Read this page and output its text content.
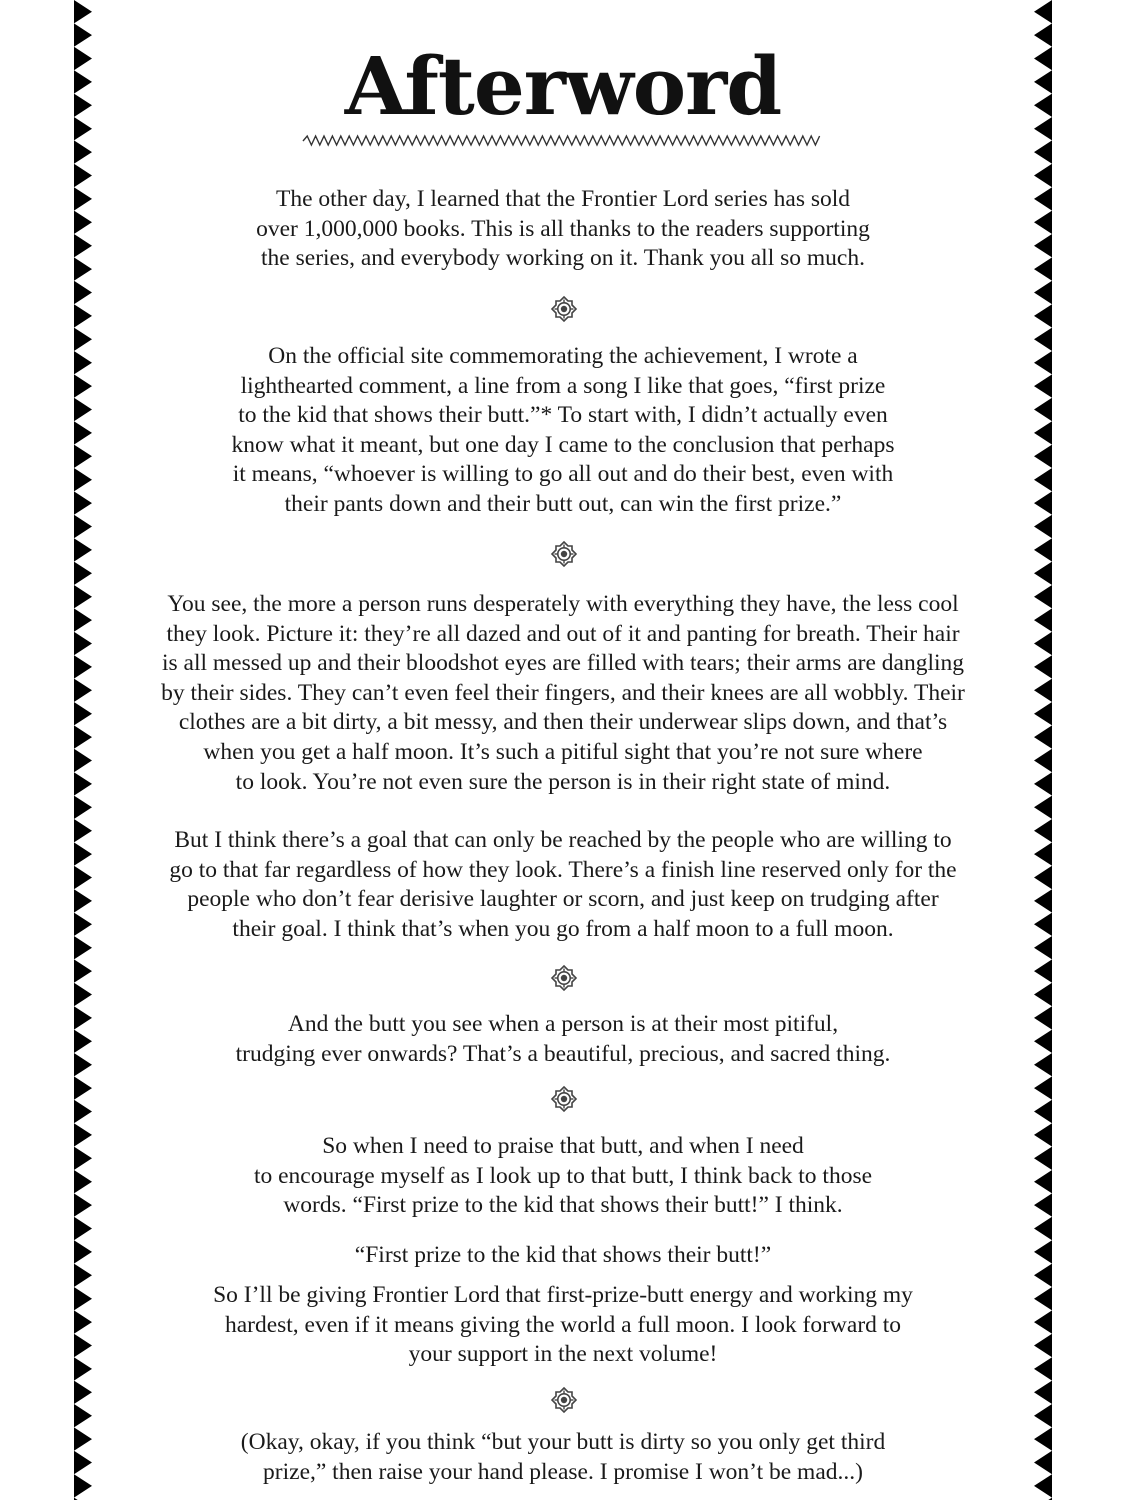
Afterword
The other day, I learned that the Frontier Lord series has sold
over 1,000,000 books. This is all thanks to the readers supporting
the series, and everybody working on it. Thank you all so much.
On the official site commemorating the achievement, I wrote a
lighthearted comment, a line from a song I like that goes, “first prize
to the kid that shows their butt.”* To start with, I didn’t actually even
know what it meant, but one day I came to the conclusion that perhaps
it means, “whoever is willing to go all out and do their best, even with
their pants down and their butt out, can win the first prize.”
You see, the more a person runs desperately with everything they have, the less cool
they look. Picture it: they’re all dazed and out of it and panting for breath. Their hair
is all messed up and their bloodshot eyes are filled with tears; their arms are dangling
by their sides. They can’t even feel their fingers, and their knees are all wobbly. Their
clothes are a bit dirty, a bit messy, and then their underwear slips down, and that’s
when you get a half moon. It’s such a pitiful sight that you’re not sure where
to look. You’re not even sure the person is in their right state of mind.
But I think there’s a goal that can only be reached by the people who are willing to
go to that far regardless of how they look. There’s a finish line reserved only for the
people who don’t fear derisive laughter or scorn, and just keep on trudging after
their goal. I think that’s when you go from a half moon to a full moon.
And the butt you see when a person is at their most pitiful,
trudging ever onwards? That’s a beautiful, precious, and sacred thing.
So when I need to praise that butt, and when I need
to encourage myself as I look up to that butt, I think back to those
words. “First prize to the kid that shows their butt!” I think.
“First prize to the kid that shows their butt!”
So I’ll be giving Frontier Lord that first-prize-butt energy and working my
hardest, even if it means giving the world a full moon. I look forward to
your support in the next volume!
(Okay, okay, if you think “but your butt is dirty so you only get third
prize,” then raise your hand please. I promise I won’t be mad...)
